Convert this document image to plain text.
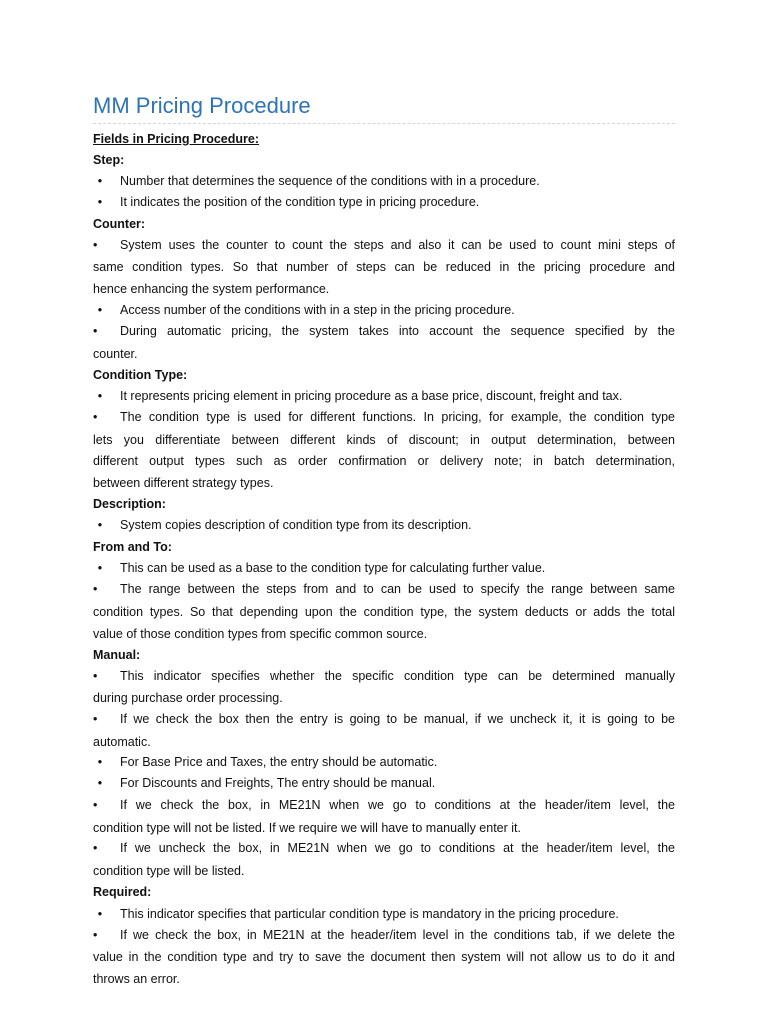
MM Pricing Procedure
Fields in Pricing Procedure:
Step:
•	Number that determines the sequence of the conditions with in a procedure.
•	It indicates the position of the condition type in pricing procedure.
Counter:
•	System uses the counter to count the steps and also it can be used to count mini steps of
same condition types. So that number of steps can be reduced in the pricing procedure and
hence enhancing the system performance.
•	Access number of the conditions with in a step in the pricing procedure.
•	During automatic pricing, the system takes into account the sequence specified by the
counter.
Condition Type:
•	It represents pricing element in pricing procedure as a base price, discount, freight and tax.
•	The condition type is used for different functions. In pricing, for example, the condition type
lets you differentiate between different kinds of discount; in output determination, between
different output types such as order confirmation or delivery note; in batch determination,
between different strategy types.
Description:
•	System copies description of condition type from its description.
From and To:
•	This can be used as a base to the condition type for calculating further value.
•	The range between the steps from and to can be used to specify the range between same
condition types. So that depending upon the condition type, the system deducts or adds the total
value of those condition types from specific common source.
Manual:
•	This indicator specifies whether the specific condition type can be determined manually
during purchase order processing.
•	If we check the box then the entry is going to be manual, if we uncheck it, it is going to be
automatic.
•	For Base Price and Taxes, the entry should be automatic.
•	For Discounts and Freights, The entry should be manual.
•	If we check the box, in ME21N when we go to conditions at the header/item level, the
condition type will not be listed. If we require we will have to manually enter it.
•	If we uncheck the box, in ME21N when we go to conditions at the header/item level, the
condition type will be listed.
Required:
•	This indicator specifies that particular condition type is mandatory in the pricing procedure.
•	If we check the box, in ME21N at the header/item level in the conditions tab, if we delete the
value in the condition type and try to save the document then system will not allow us to do it and
throws an error.
